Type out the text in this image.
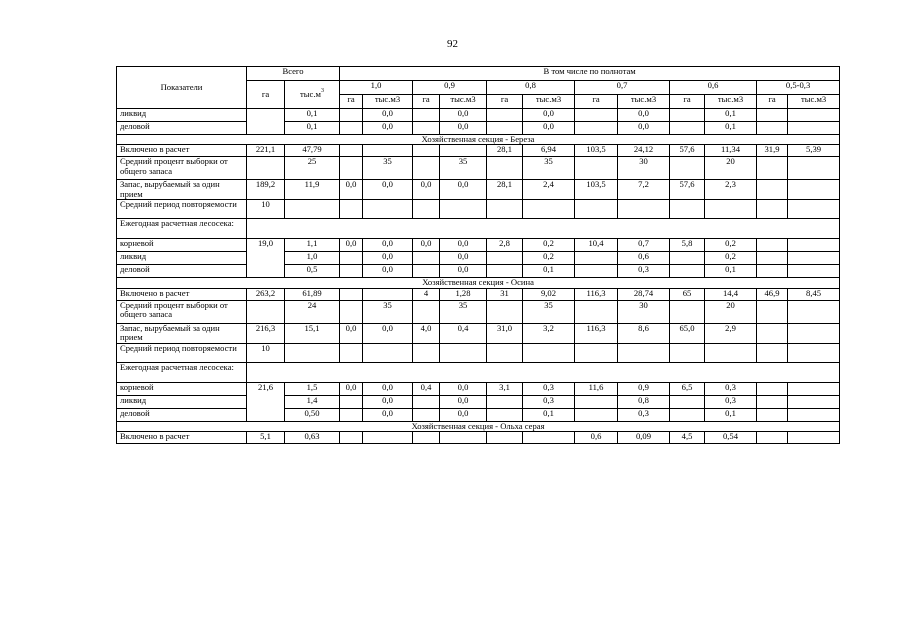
92
Показатели	Всего		В том числе по полнотам											
	га	$тыс.м^3$	1,0		0,9		0,8		0,7		0,6		0,5-0,3	
			га	тыс.м3	га	тыс.м3	га	тыс.м3	га	тыс.м3	га	тыс.м3	га	тыс.м3
ликвид		0,1		0,0		0,0		0,0		0,0		0,1		
деловой		0,1		0,0		0,0		0,0		0,0		0,1		
Хозяйственная секция - Береза														
Включено в расчет	221,1	47,79					28,1	6,94	103,5	24,12	57,6	11,34	31,9	5,39
Средний процент выборки от общего запаса		25		35		35		35		30		20		
Запас, вырубаемый за один прием	189,2	11,9	0,0	0,0	0,0	0,0	28,1	2,4	103,5	7,2	57,6	2,3		
Средний период повторяемости	10													
Ежегодная расчетная лесосека:														
корневой	19,0	1,1	0,0	0,0	0,0	0,0	2,8	0,2	10,4	0,7	5,8	0,2		
ликвид		1,0		0,0		0,0		0,2		0,6		0,2		
деловой		0,5		0,0		0,0		0,1		0,3		0,1		
Хозяйственная секция - Осина														
Включено в расчет	263,2	61,89			4	1,28	31	9,02	116,3	28,74	65	14,4	46,9	8,45
Средний процент выборки от общего запаса		24		35		35		35		30		20		
Запас, вырубаемый за один прием	216,3	15,1	0,0	0,0	4,0	0,4	31,0	3,2	116,3	8,6	65,0	2,9		
Средний период повторяемости	10													
Ежегодная расчетная лесосека:														
корневой	21,6	1,5	0,0	0,0	0,4	0,0	3,1	0,3	11,6	0,9	6,5	0,3		
ликвид		1,4		0,0		0,0		0,3		0,8		0,3		
деловой		0,50		0,0		0,0		0,1		0,3		0,1		
Хозяйственная секция - Ольха серая														
Включено в расчет	5,1	0,63							0,6	0,09	4,5	0,54		
